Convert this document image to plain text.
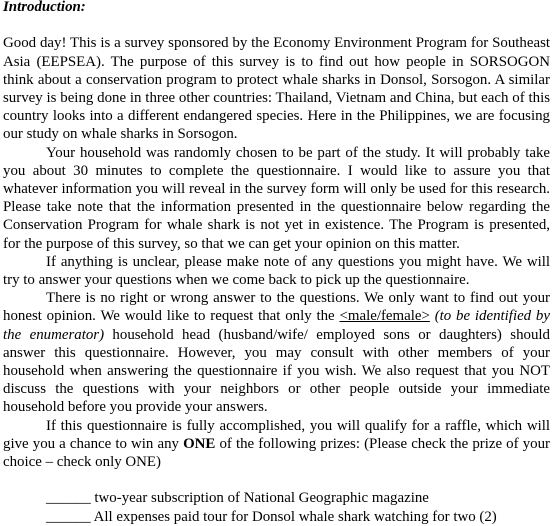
Introduction:

Good day! This is a survey sponsored by the Economy Environment Program for Southeast Asia (EEPSEA). The purpose of this survey is to find out how people in SORSOGON think about a conservation program to protect whale sharks in Donsol, Sorsogon. A similar survey is being done in three other countries: Thailand, Vietnam and China, but each of this country looks into a different endangered species. Here in the Philippines, we are focusing our study on whale sharks in Sorsogon.

Your household was randomly chosen to be part of the study. It will probably take you about 30 minutes to complete the questionnaire. I would like to assure you that whatever information you will reveal in the survey form will only be used for this research. Please take note that the information presented in the questionnaire below regarding the Conservation Program for whale shark is not yet in existence. The Program is presented, for the purpose of this survey, so that we can get your opinion on this matter.

If anything is unclear, please make note of any questions you might have. We will try to answer your questions when we come back to pick up the questionnaire.

There is no right or wrong answer to the questions. We only want to find out your honest opinion. We would like to request that only the <male/female> (to be identified by the enumerator) household head (husband/wife/ employed sons or daughters) should answer this questionnaire. However, you may consult with other members of your household when answering the questionnaire if you wish. We also request that you NOT discuss the questions with your neighbors or other people outside your immediate household before you provide your answers.

If this questionnaire is fully accomplished, you will qualify for a raffle, which will give you a chance to win any ONE of the following prizes: (Please check the prize of your choice – check only ONE)

______ two-year subscription of National Geographic magazine
______ All expenses paid tour for Donsol whale shark watching for two (2)
